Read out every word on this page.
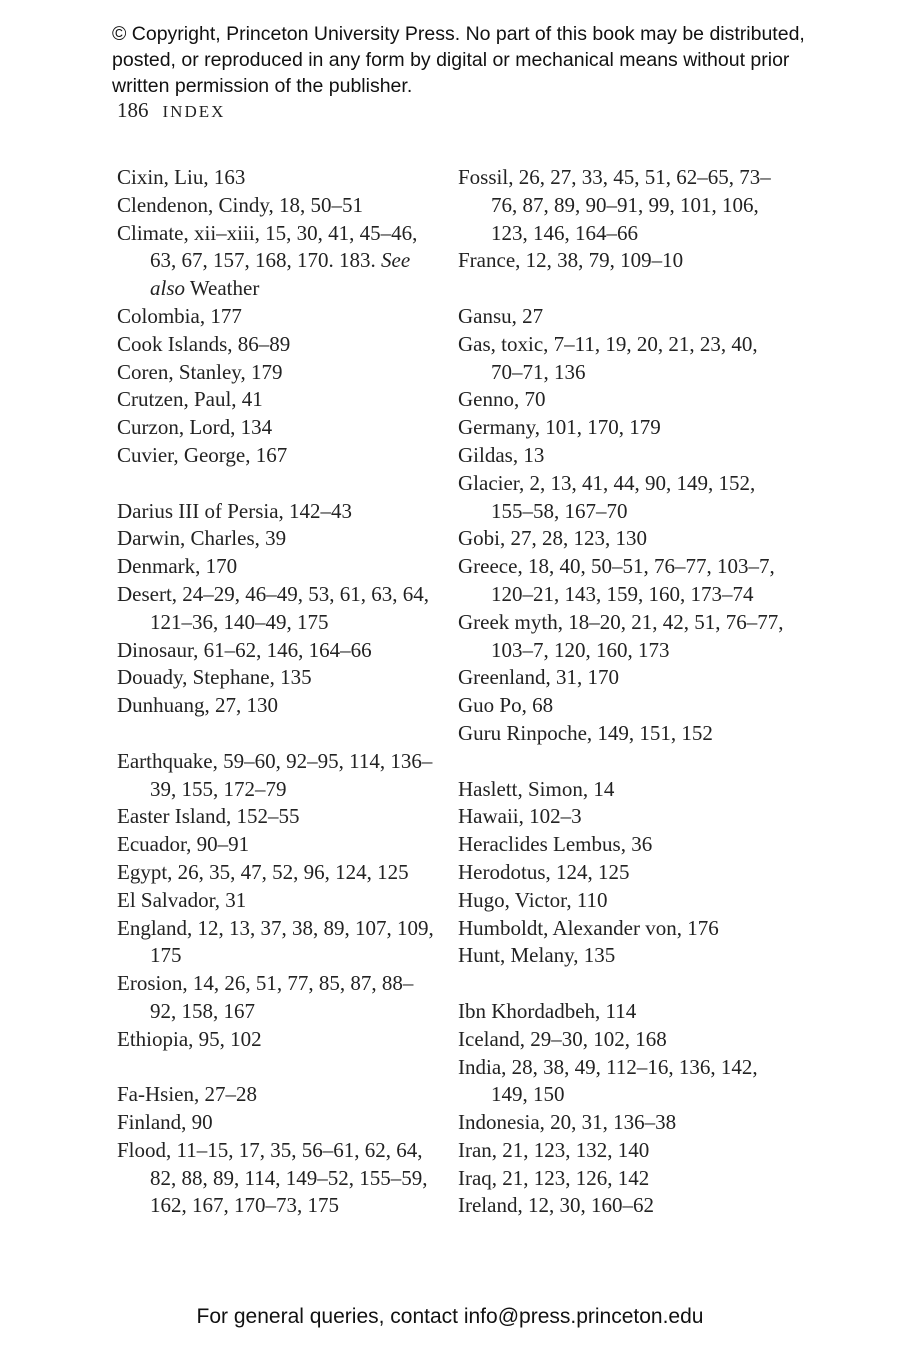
© Copyright, Princeton University Press. No part of this book may be distributed, posted, or reproduced in any form by digital or mechanical means without prior written permission of the publisher.
186 INDEX
Cixin, Liu, 163
Clendenon, Cindy, 18, 50–51
Climate, xii–xiii, 15, 30, 41, 45–46, 63, 67, 157, 168, 170. 183. See also Weather
Colombia, 177
Cook Islands, 86–89
Coren, Stanley, 179
Crutzen, Paul, 41
Curzon, Lord, 134
Cuvier, George, 167
Darius III of Persia, 142–43
Darwin, Charles, 39
Denmark, 170
Desert, 24–29, 46–49, 53, 61, 63, 64, 121–36, 140–49, 175
Dinosaur, 61–62, 146, 164–66
Douady, Stephane, 135
Dunhuang, 27, 130
Earthquake, 59–60, 92–95, 114, 136–39, 155, 172–79
Easter Island, 152–55
Ecuador, 90–91
Egypt, 26, 35, 47, 52, 96, 124, 125
El Salvador, 31
England, 12, 13, 37, 38, 89, 107, 109, 175
Erosion, 14, 26, 51, 77, 85, 87, 88–92, 158, 167
Ethiopia, 95, 102
Fa-Hsien, 27–28
Finland, 90
Flood, 11–15, 17, 35, 56–61, 62, 64, 82, 88, 89, 114, 149–52, 155–59, 162, 167, 170–73, 175
Fossil, 26, 27, 33, 45, 51, 62–65, 73–76, 87, 89, 90–91, 99, 101, 106, 123, 146, 164–66
France, 12, 38, 79, 109–10
Gansu, 27
Gas, toxic, 7–11, 19, 20, 21, 23, 40, 70–71, 136
Genno, 70
Germany, 101, 170, 179
Gildas, 13
Glacier, 2, 13, 41, 44, 90, 149, 152, 155–58, 167–70
Gobi, 27, 28, 123, 130
Greece, 18, 40, 50–51, 76–77, 103–7, 120–21, 143, 159, 160, 173–74
Greek myth, 18–20, 21, 42, 51, 76–77, 103–7, 120, 160, 173
Greenland, 31, 170
Guo Po, 68
Guru Rinpoche, 149, 151, 152
Haslett, Simon, 14
Hawaii, 102–3
Heraclides Lembus, 36
Herodotus, 124, 125
Hugo, Victor, 110
Humboldt, Alexander von, 176
Hunt, Melany, 135
Ibn Khordadbeh, 114
Iceland, 29–30, 102, 168
India, 28, 38, 49, 112–16, 136, 142, 149, 150
Indonesia, 20, 31, 136–38
Iran, 21, 123, 132, 140
Iraq, 21, 123, 126, 142
Ireland, 12, 30, 160–62
For general queries, contact info@press.princeton.edu
